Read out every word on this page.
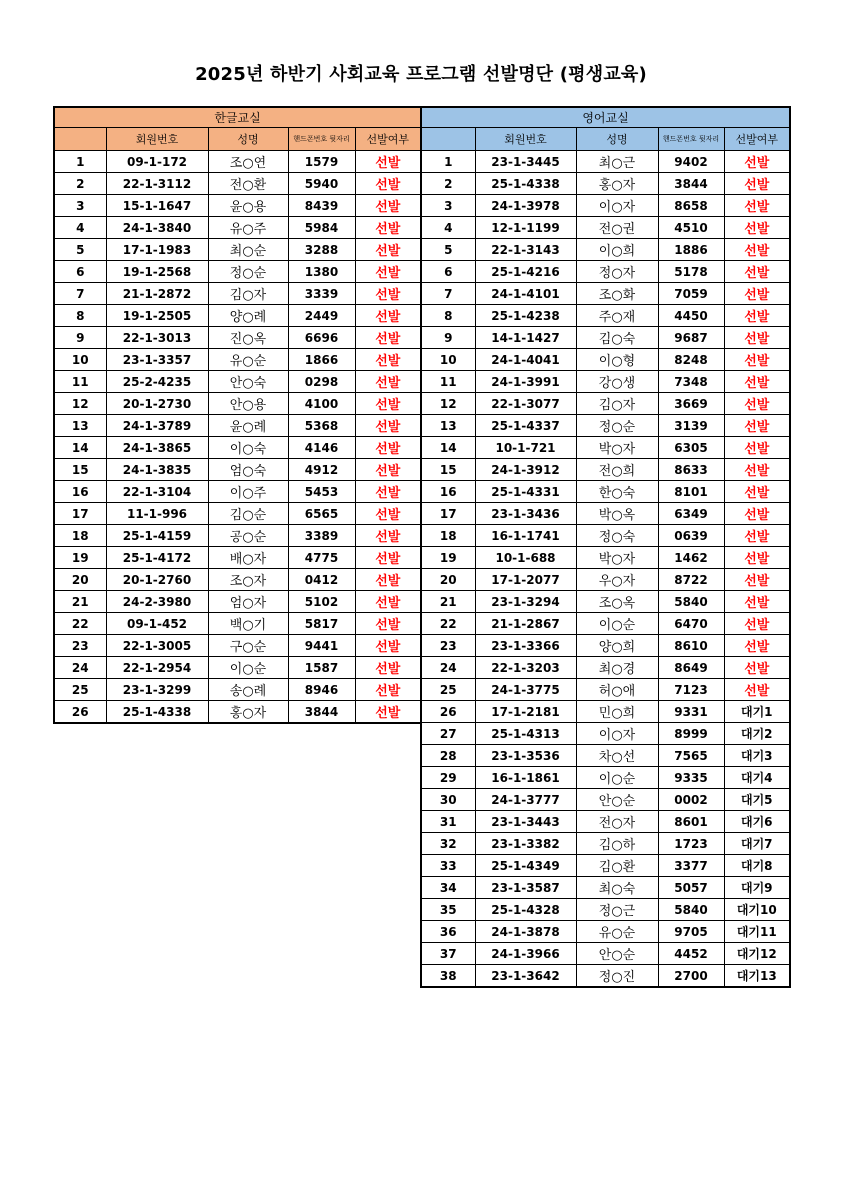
2025년 하반기 사회교육 프로그램 선발명단 (평생교육)
한글교실				
	회원번호	성명	핸드폰번호 뒷자리	선발여부
1	09-1-172	조○연	1579	선발
2	22-1-3112	전○환	5940	선발
3	15-1-1647	윤○용	8439	선발
4	24-1-3840	유○주	5984	선발
5	17-1-1983	최○순	3288	선발
6	19-1-2568	정○순	1380	선발
7	21-1-2872	김○자	3339	선발
8	19-1-2505	양○례	2449	선발
9	22-1-3013	진○옥	6696	선발
10	23-1-3357	유○순	1866	선발
11	25-2-4235	안○숙	0298	선발
12	20-1-2730	안○용	4100	선발
13	24-1-3789	윤○례	5368	선발
14	24-1-3865	이○숙	4146	선발
15	24-1-3835	엄○숙	4912	선발
16	22-1-3104	이○주	5453	선발
17	11-1-996	김○순	6565	선발
18	25-1-4159	공○순	3389	선발
19	25-1-4172	배○자	4775	선발
20	20-1-2760	조○자	0412	선발
21	24-2-3980	엄○자	5102	선발
22	09-1-452	백○기	5817	선발
23	22-1-3005	구○순	9441	선발
24	22-1-2954	이○순	1587	선발
25	23-1-3299	송○례	8946	선발
26	25-1-4338	홍○자	3844	선발
영어교실				
	회원번호	성명	핸드폰번호 뒷자리	선발여부
1	23-1-3445	최○근	9402	선발
2	25-1-4338	홍○자	3844	선발
3	24-1-3978	이○자	8658	선발
4	12-1-1199	전○권	4510	선발
5	22-1-3143	이○희	1886	선발
6	25-1-4216	정○자	5178	선발
7	24-1-4101	조○화	7059	선발
8	25-1-4238	주○재	4450	선발
9	14-1-1427	김○숙	9687	선발
10	24-1-4041	이○형	8248	선발
11	24-1-3991	강○생	7348	선발
12	22-1-3077	김○자	3669	선발
13	25-1-4337	정○순	3139	선발
14	10-1-721	박○자	6305	선발
15	24-1-3912	전○희	8633	선발
16	25-1-4331	한○숙	8101	선발
17	23-1-3436	박○옥	6349	선발
18	16-1-1741	정○숙	0639	선발
19	10-1-688	박○자	1462	선발
20	17-1-2077	우○자	8722	선발
21	23-1-3294	조○옥	5840	선발
22	21-1-2867	이○순	6470	선발
23	23-1-3366	양○희	8610	선발
24	22-1-3203	최○경	8649	선발
25	24-1-3775	허○애	7123	선발
26	17-1-2181	민○희	9331	대기1
27	25-1-4313	이○자	8999	대기2
28	23-1-3536	차○선	7565	대기3
29	16-1-1861	이○순	9335	대기4
30	24-1-3777	안○순	0002	대기5
31	23-1-3443	전○자	8601	대기6
32	23-1-3382	김○하	1723	대기7
33	25-1-4349	김○환	3377	대기8
34	23-1-3587	최○숙	5057	대기9
35	25-1-4328	정○근	5840	대기10
36	24-1-3878	유○순	9705	대기11
37	24-1-3966	안○순	4452	대기12
38	23-1-3642	정○진	2700	대기13
